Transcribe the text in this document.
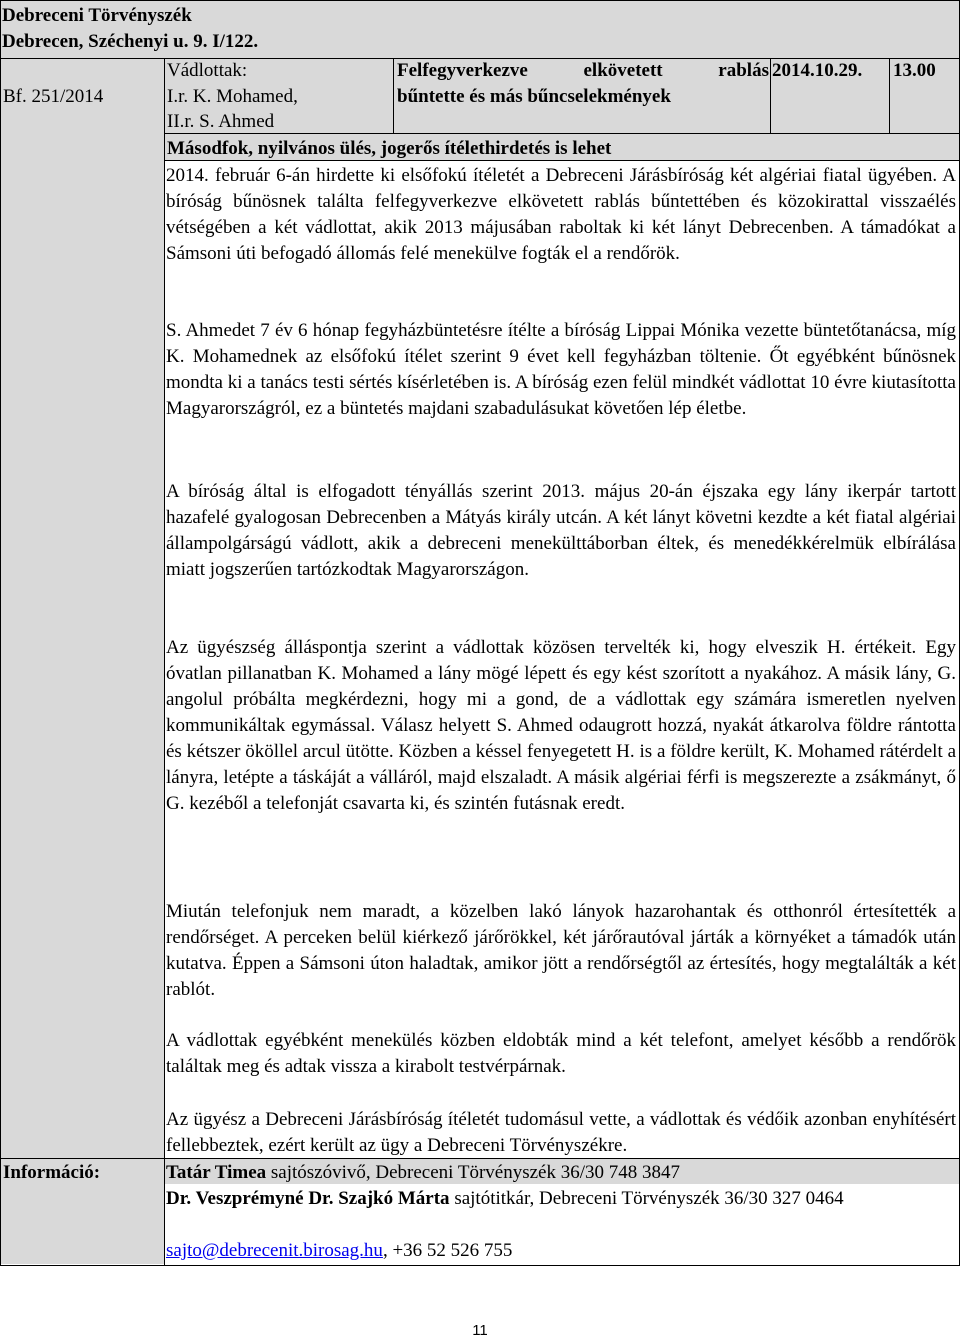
Debreceni Törvényszék
Debrecen, Széchenyi u. 9. I/122.
Bf. 251/2014
Vádlottak:
I.r. K. Mohamed,
II.r. S. Ahmed
Felfegyverkezve elkövetett rablás
bűntette és más bűncselekmények
2014.10.29. 13.00
Másodfok, nyilvános ülés, jogerős ítélethirdetés is lehet
2014. február 6-án hirdette ki elsőfokú ítéletét a Debreceni Járásbíróság két algériai fiatal ügyében. A bíróság bűnösnek találta felfegyverkezve elkövetett rablás bűntettében és közokirattal visszaélés vétségében a két vádlottat, akik 2013 májusában raboltak ki két lányt Debrecenben. A támadókat a Sámsoni úti befogadó állomás felé menekülve fogták el a rendőrök.
S. Ahmedet 7 év 6 hónap fegyházbüntetésre ítélte a bíróság Lippai Mónika vezette büntetőtanácsa, míg K. Mohamednek az elsőfokú ítélet szerint 9 évet kell fegyházban töltenie. Őt egyébként bűnösnek mondta ki a tanács testi sértés kísérletében is. A bíróság ezen felül mindkét vádlottat 10 évre kiutasította Magyarországról, ez a büntetés majdani szabadulásukat követően lép életbe.
A bíróság által is elfogadott tényállás szerint 2013. május 20-án éjszaka egy lány ikerpár tartott hazafelé gyalogosan Debrecenben a Mátyás király utcán. A két lányt követni kezdte a két fiatal algériai állampolgárságú vádlott, akik a debreceni menekülttáborban éltek, és menedékkérelmük elbírálása miatt jogszerűen tartózkodtak Magyarországon.
Az ügyészség álláspontja szerint a vádlottak közösen tervelték ki, hogy elveszik H. értékeit. Egy óvatlan pillanatban K. Mohamed a lány mögé lépett és egy kést szorított a nyakához. A másik lány, G. angolul próbálta megkérdezni, hogy mi a gond, de a vádlottak egy számára ismeretlen nyelven kommunikáltak egymással. Válasz helyett S. Ahmed odaugrott hozzá, nyakát átkarolva földre rántotta és kétszer ököllel arcul ütötte. Közben a késsel fenyegetett H. is a földre került, K. Mohamed rátérdelt a lányra, letépte a táskáját a válláról, majd elszaladt. A másik algériai férfi is megszerezte a zsákmányt, ő G. kezéből a telefonját csavarta ki, és szintén futásnak eredt.
Miután telefonjuk nem maradt, a közelben lakó lányok hazarohantak és otthonról értesítették a rendőrséget. A perceken belül kiérkező járőrökkel, két járőrautóval járták a környéket a támadók után kutatva. Éppen a Sámsoni úton haladtak, amikor jött a rendőrségtől az értesítés, hogy megtalálták a két rablót.
A vádlottak egyébként menekülés közben eldobták mind a két telefont, amelyet később a rendőrök találtak meg és adtak vissza a kirabolt testvérpárnak.
Az ügyész a Debreceni Járásbíróság ítéletét tudomásul vette, a vádlottak és védőik azonban enyhítésért fellebbeztek, ezért került az ügy a Debreceni Törvényszékre.
Információ:	Tatár Timea sajtószóvivő, Debreceni Törvényszék 36/30 748 3847
Dr. Veszprémyné Dr. Szajkó Márta sajtótitkár, Debreceni Törvényszék 36/30 327 0464
sajto@debrecenit.birosag.hu, +36 52 526 755
11
